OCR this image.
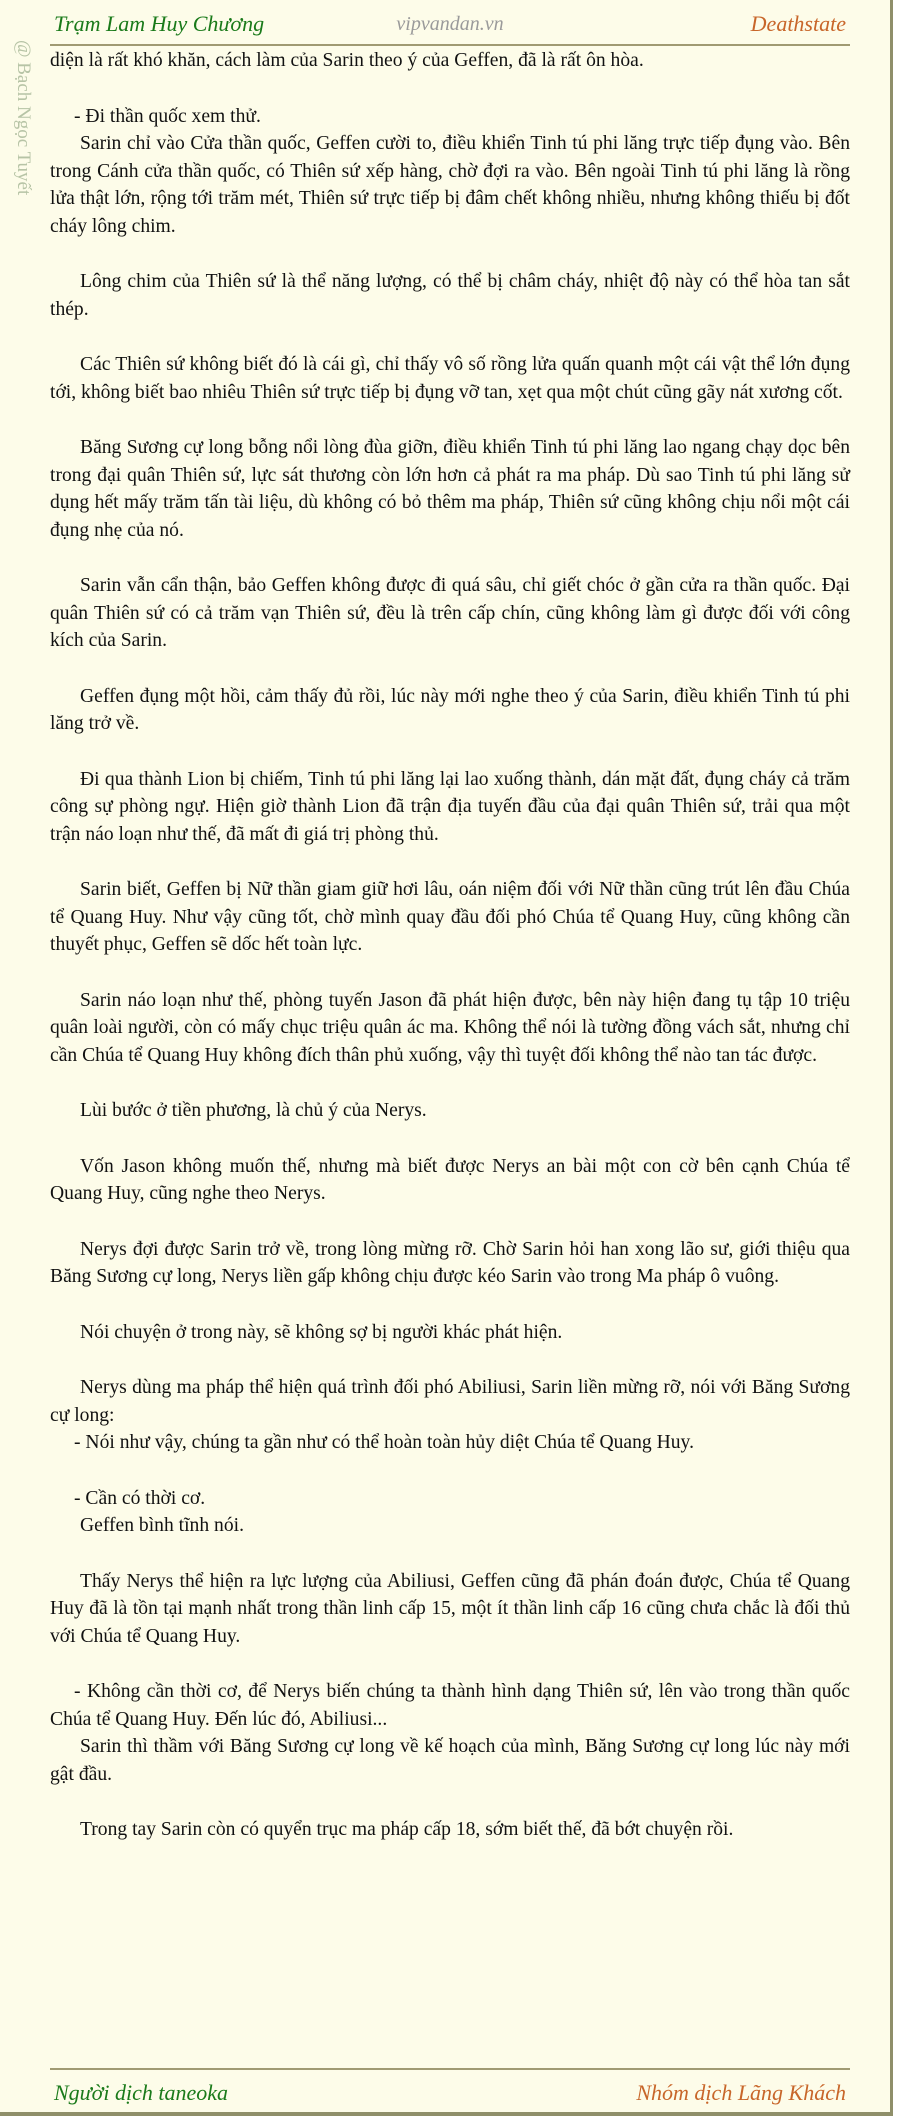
Trạm Lam Huy Chương	vipvandan.vn	Deathstate
@ Bạch Ngọc Tuyết diện là rất khó khăn, cách làm của Sarin theo ý của Geffen, đã là rất ôn hòa.

- Đi thần quốc xem thử.

Sarin chỉ vào Cửa thần quốc, Geffen cười to, điều khiển Tinh tú phi lăng trực tiếp đụng vào. Bên trong Cánh cửa thần quốc, có Thiên sứ xếp hàng, chờ đợi ra vào. Bên ngoài Tinh tú phi lăng là rồng lửa thật lớn, rộng tới trăm mét, Thiên sứ trực tiếp bị đâm chết không nhiều, nhưng không thiếu bị đốt cháy lông chim.

Lông chim của Thiên sứ là thể năng lượng, có thể bị châm cháy, nhiệt độ này có thể hòa tan sắt thép.

Các Thiên sứ không biết đó là cái gì, chỉ thấy vô số rồng lửa quấn quanh một cái vật thể lớn đụng tới, không biết bao nhiêu Thiên sứ trực tiếp bị đụng vỡ tan, xẹt qua một chút cũng gãy nát xương cốt.

Băng Sương cự long bỗng nổi lòng đùa giỡn, điều khiển Tinh tú phi lăng lao ngang chạy dọc bên trong đại quân Thiên sứ, lực sát thương còn lớn hơn cả phát ra ma pháp. Dù sao Tinh tú phi lăng sử dụng hết mấy trăm tấn tài liệu, dù không có bỏ thêm ma pháp, Thiên sứ cũng không chịu nổi một cái đụng nhẹ của nó.

Sarin vẫn cẩn thận, bảo Geffen không được đi quá sâu, chỉ giết chóc ở gần cửa ra thần quốc. Đại quân Thiên sứ có cả trăm vạn Thiên sứ, đều là trên cấp chín, cũng không làm gì được đối với công kích của Sarin.

Geffen đụng một hồi, cảm thấy đủ rồi, lúc này mới nghe theo ý của Sarin, điều khiển Tinh tú phi lăng trở về.

Đi qua thành Lion bị chiếm, Tinh tú phi lăng lại lao xuống thành, dán mặt đất, đụng cháy cả trăm công sự phòng ngự. Hiện giờ thành Lion đã trận địa tuyến đầu của đại quân Thiên sứ, trải qua một trận náo loạn như thế, đã mất đi giá trị phòng thủ.

Sarin biết, Geffen bị Nữ thần giam giữ hơi lâu, oán niệm đối với Nữ thần cũng trút lên đầu Chúa tể Quang Huy. Như vậy cũng tốt, chờ mình quay đầu đối phó Chúa tể Quang Huy, cũng không cần thuyết phục, Geffen sẽ dốc hết toàn lực.

Sarin náo loạn như thế, phòng tuyến Jason đã phát hiện được, bên này hiện đang tụ tập 10 triệu quân loài người, còn có mấy chục triệu quân ác ma. Không thể nói là tường đồng vách sắt, nhưng chỉ cần Chúa tể Quang Huy không đích thân phủ xuống, vậy thì tuyệt đối không thể nào tan tác được.

Lùi bước ở tiền phương, là chủ ý của Nerys.

Vốn Jason không muốn thế, nhưng mà biết được Nerys an bài một con cờ bên cạnh Chúa tể Quang Huy, cũng nghe theo Nerys.

Nerys đợi được Sarin trở về, trong lòng mừng rỡ. Chờ Sarin hỏi han xong lão sư, giới thiệu qua Băng Sương cự long, Nerys liền gấp không chịu được kéo Sarin vào trong Ma pháp ô vuông.

Nói chuyện ở trong này, sẽ không sợ bị người khác phát hiện.

Nerys dùng ma pháp thể hiện quá trình đối phó Abiliusi, Sarin liền mừng rỡ, nói với Băng Sương cự long:

- Nói như vậy, chúng ta gần như có thể hoàn toàn hủy diệt Chúa tể Quang Huy.

- Cần có thời cơ.

Geffen bình tĩnh nói.

Thấy Nerys thể hiện ra lực lượng của Abiliusi, Geffen cũng đã phán đoán được, Chúa tể Quang Huy đã là tồn tại mạnh nhất trong thần linh cấp 15, một ít thần linh cấp 16 cũng chưa chắc là đối thủ với Chúa tể Quang Huy.

- Không cần thời cơ, để Nerys biến chúng ta thành hình dạng Thiên sứ, lên vào trong thần quốc Chúa tể Quang Huy. Đến lúc đó, Abiliusi...

Sarin thì thầm với Băng Sương cự long về kế hoạch của mình, Băng Sương cự long lúc này mới gật đầu.

Trong tay Sarin còn có quyển trục ma pháp cấp 18, sớm biết thế, đã bớt chuyện rồi.

Người dịch taneoka	Nhóm dịch Lãng Khách
